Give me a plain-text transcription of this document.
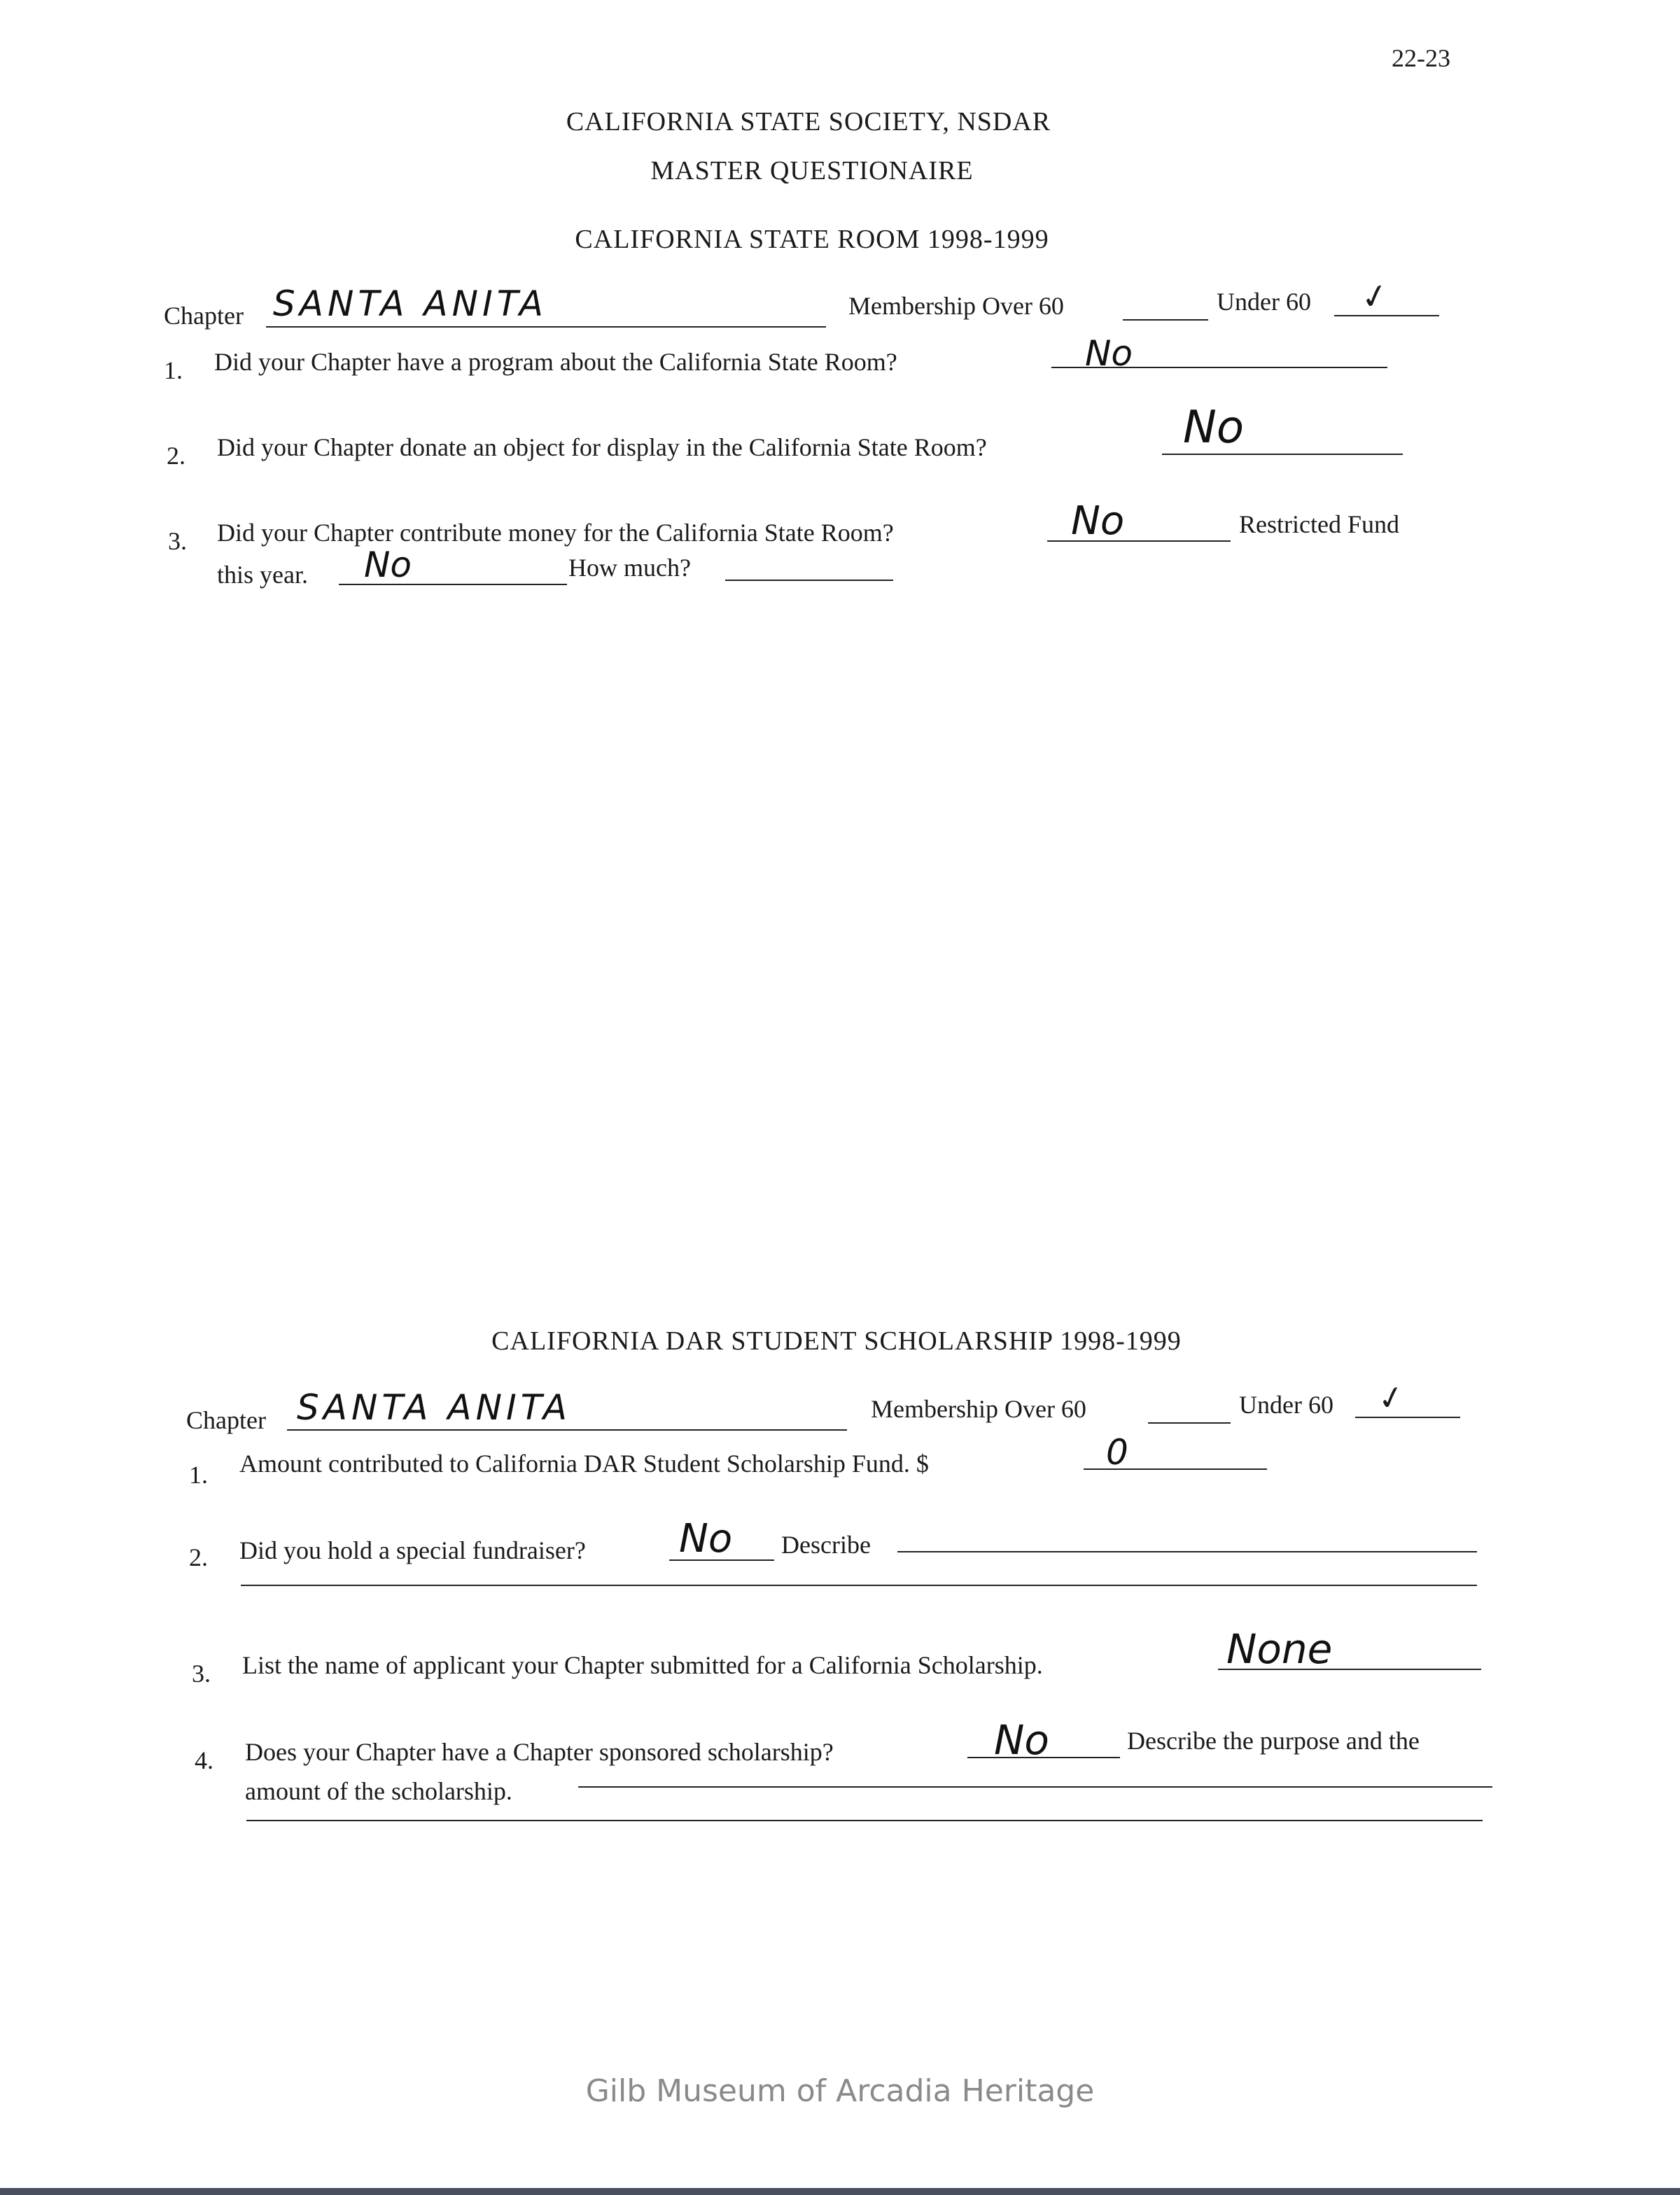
22-23
CALIFORNIA STATE SOCIETY, NSDAR
MASTER QUESTIONAIRE
CALIFORNIA STATE ROOM 1998-1999
Chapter SANTA ANITA	Membership Over 60	Under 60 ✓
1. Did your Chapter have a program about the California State Room?	No
2. Did your Chapter donate an object for display in the California State Room?	No
3. Did your Chapter contribute money for the California State Room?	No	Restricted Fund
this year. No	How much?
CALIFORNIA DAR STUDENT SCHOLARSHIP 1998-1999
Chapter SANTA ANITA	Membership Over 60	Under 60 ✓
1. Amount contributed to California DAR Student Scholarship Fund. $	0
2. Did you hold a special fundraiser? No Describe
3. List the name of applicant your Chapter submitted for a California Scholarship.	None
4. Does your Chapter have a Chapter sponsored scholarship?	No	Describe the purpose and the
amount of the scholarship.
Gilb Museum of Arcadia Heritage
